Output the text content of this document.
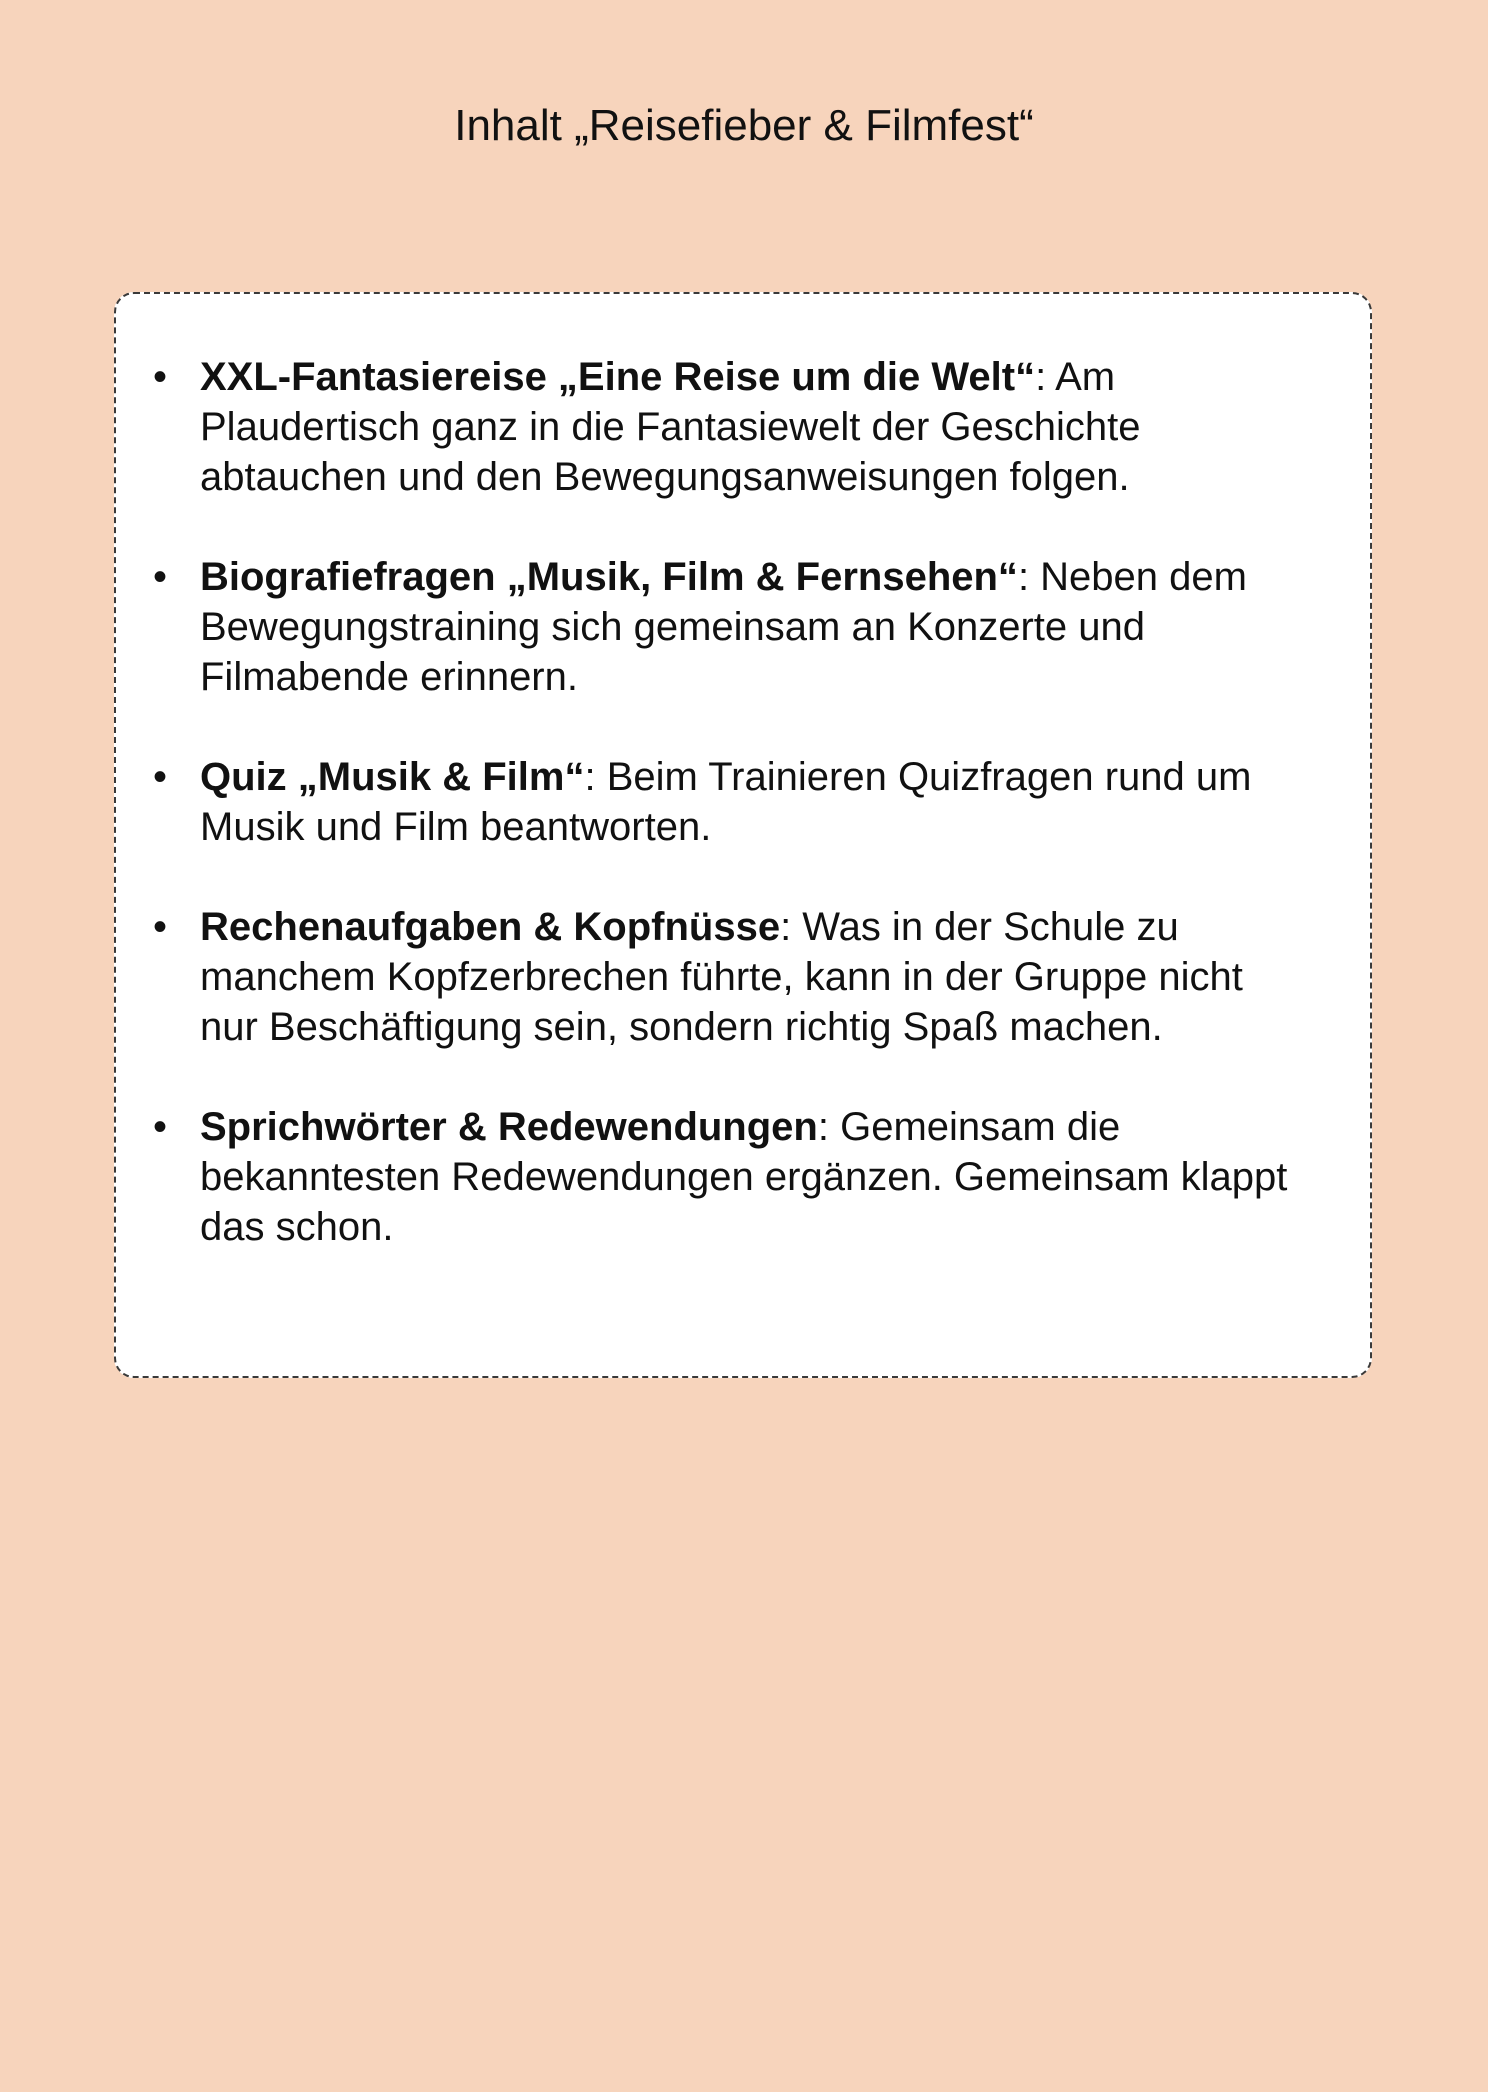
Inhalt „Reisefieber & Filmfest“
• XXL-Fantasiereise „Eine Reise um die Welt“: Am Plaudertisch ganz in die Fantasiewelt der Geschichte abtauchen und den Bewegungsanweisungen folgen.
• Biografiefragen „Musik, Film & Fernsehen“: Neben dem Bewegungstraining sich gemeinsam an Konzerte und Filmabende erinnern.
• Quiz „Musik & Film“: Beim Trainieren Quizfragen rund um Musik und Film beantworten.
• Rechenaufgaben & Kopfnüsse: Was in der Schule zu manchem Kopfzerbrechen führte, kann in der Gruppe nicht nur Beschäftigung sein, sondern richtig Spaß machen.
• Sprichwörter & Redewendungen: Gemeinsam die bekanntesten Redewendungen ergänzen. Gemeinsam klappt das schon.
